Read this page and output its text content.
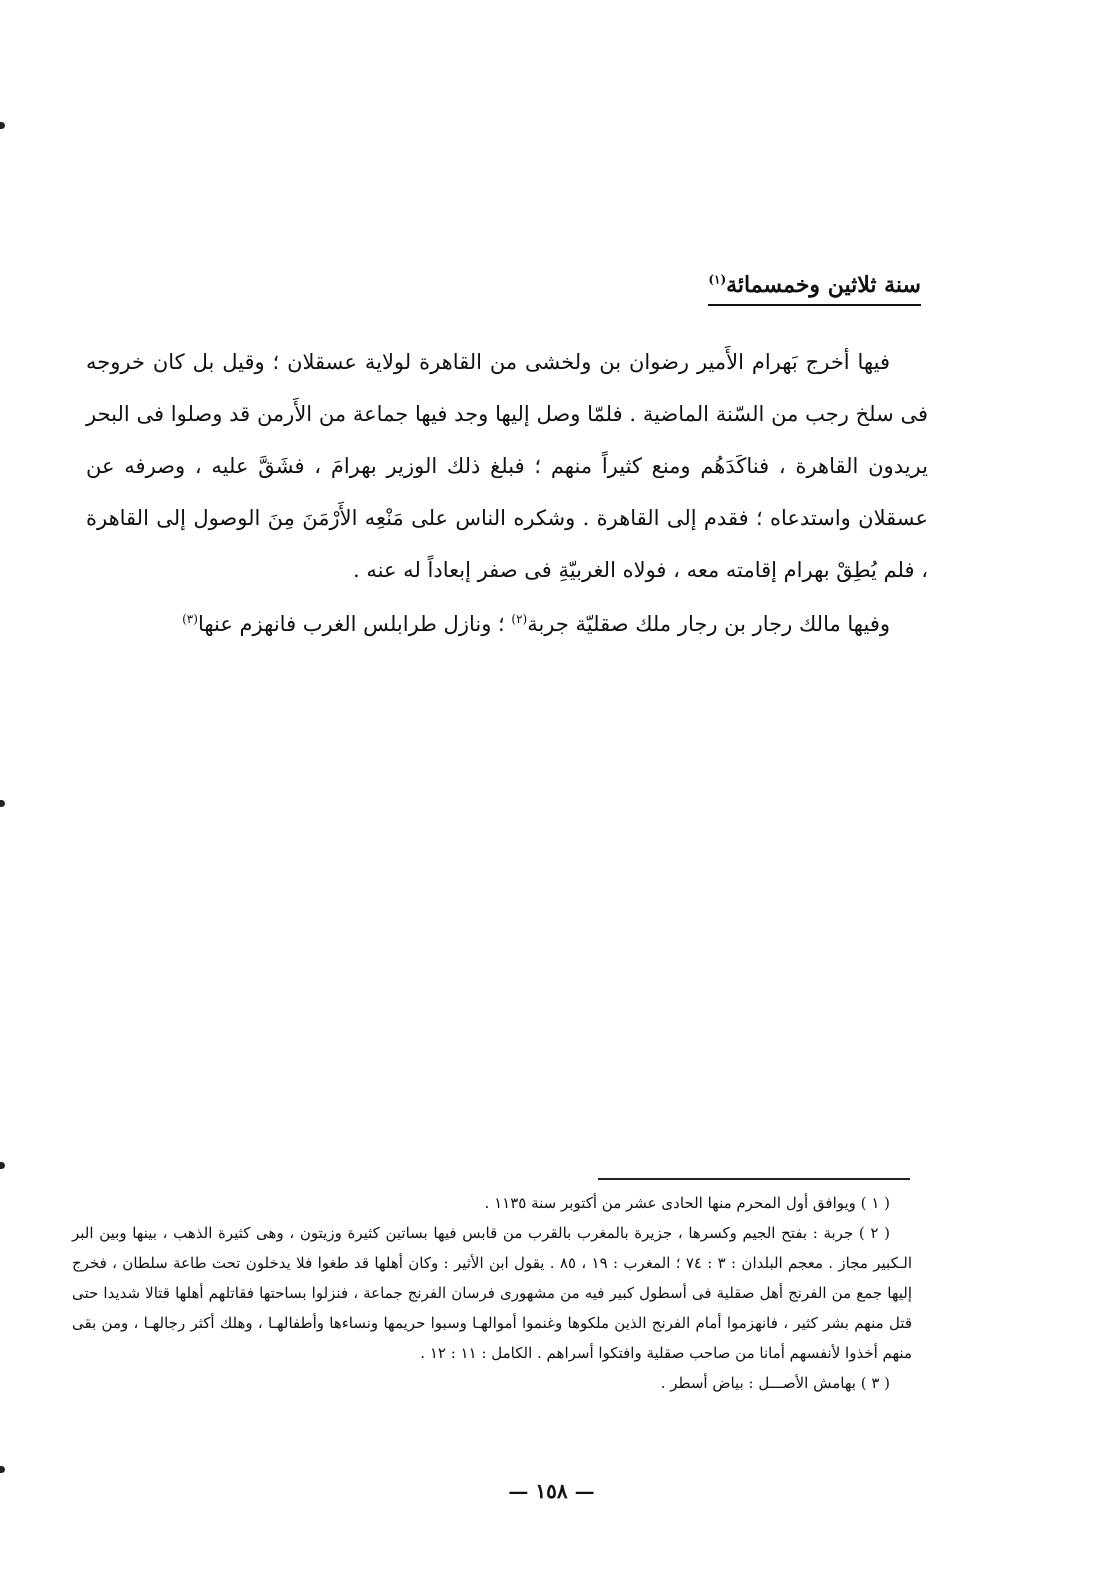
سنة ثلاثين وخمسمائة$^{(١)}$

فيها أخرج بَهرام الأَمير رضوان بن ولخشى من القاهرة لولاية عسقلان ؛ وقيل بل كان خروجه فى سلخ رجب من السّنة الماضية . فلمّا وصل إليها وجد فيها جماعة من الأَرمن قد وصلوا فى البحر يريدون القاهرة ، فناكَدَهُم ومنع كثيراً منهم ؛ فبلغ ذلك الوزير بهرامَ ، فشَقَّ عليه ، وصرفه عن عسقلان واستدعاه ؛ فقدم إلى القاهرة . وشكره الناس على مَنْعِه الأَرْمَنَ مِنَ الوصول إلى القاهرة ، فلم يُطِقْ بهرام إقامته معه ، فولاه الغربيّةِ فى صفر إبعاداً له عنه .

وفيها مالك رجار بن رجار ملك صقليّة جربة$^{(٢)}$ ؛ ونازل طرابلس الغرب فانهزم عنها$^{(٣)}$

( ١ ) ويوافق أول المحرم منها الحادى عشر من أكتوبر سنة ١١٣٥ .

( ٢ ) جربة : بفتح الجيم وكسرها ، جزيرة بالمغرب بالقرب من قابس فيها بساتين كثيرة وزيتون ، وهى كثيرة الذهب ، بينها وبين البر الـكبير مجاز . معجم البلدان : ٣ : ٧٤ ؛ المغرب : ١٩ ، ٨٥ . يقول ابن الأثير : وكان أهلها قد طغوا فلا يدخلون تحت طاعة سلطان ، فخرج إليها جمع من الفرنج أهل صقلية فى أسطول كبير فيه من مشهورى فرسان الفرنج جماعة ، فنزلوا بساحتها فقاتلهم أهلها قتالا شديدا حتى قتل منهم بشر كثير ، فانهزموا أمام الفرنج الذين ملكوها وغنموا أموالهـا وسبوا حريمها ونساءها وأطفالهـا ، وهلك أكثر رجالهـا ، ومن بقى منهم أخذوا لأنفسهم أمانا من صاحب صقلية وافتكوا أسراهم . الكامل : ١١ : ١٢ .

( ٣ ) بهامش الأصـــل : بياض أسطر .

— ١٥٨ —
